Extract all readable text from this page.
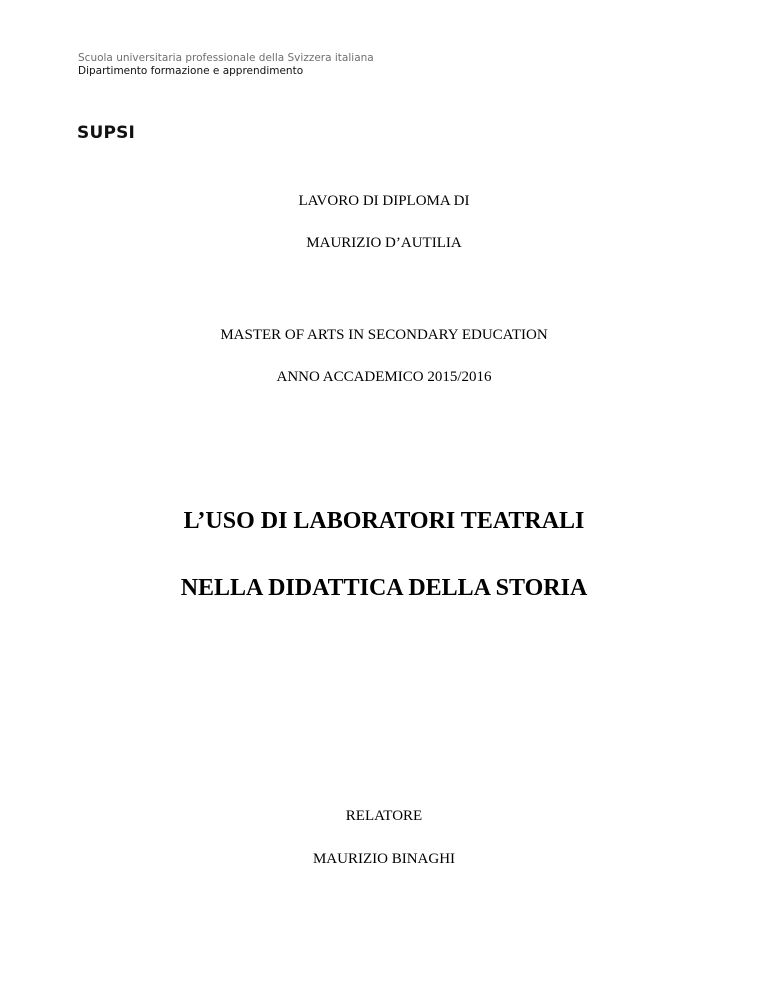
Scuola universitaria professionale della Svizzera italiana
Dipartimento formazione e apprendimento
SUPSI
LAVORO DI DIPLOMA DI
MAURIZIO D’AUTILIA
MASTER OF ARTS IN SECONDARY EDUCATION
ANNO ACCADEMICO 2015/2016
L’USO DI LABORATORI TEATRALI
NELLA DIDATTICA DELLA STORIA
RELATORE
MAURIZIO BINAGHI
